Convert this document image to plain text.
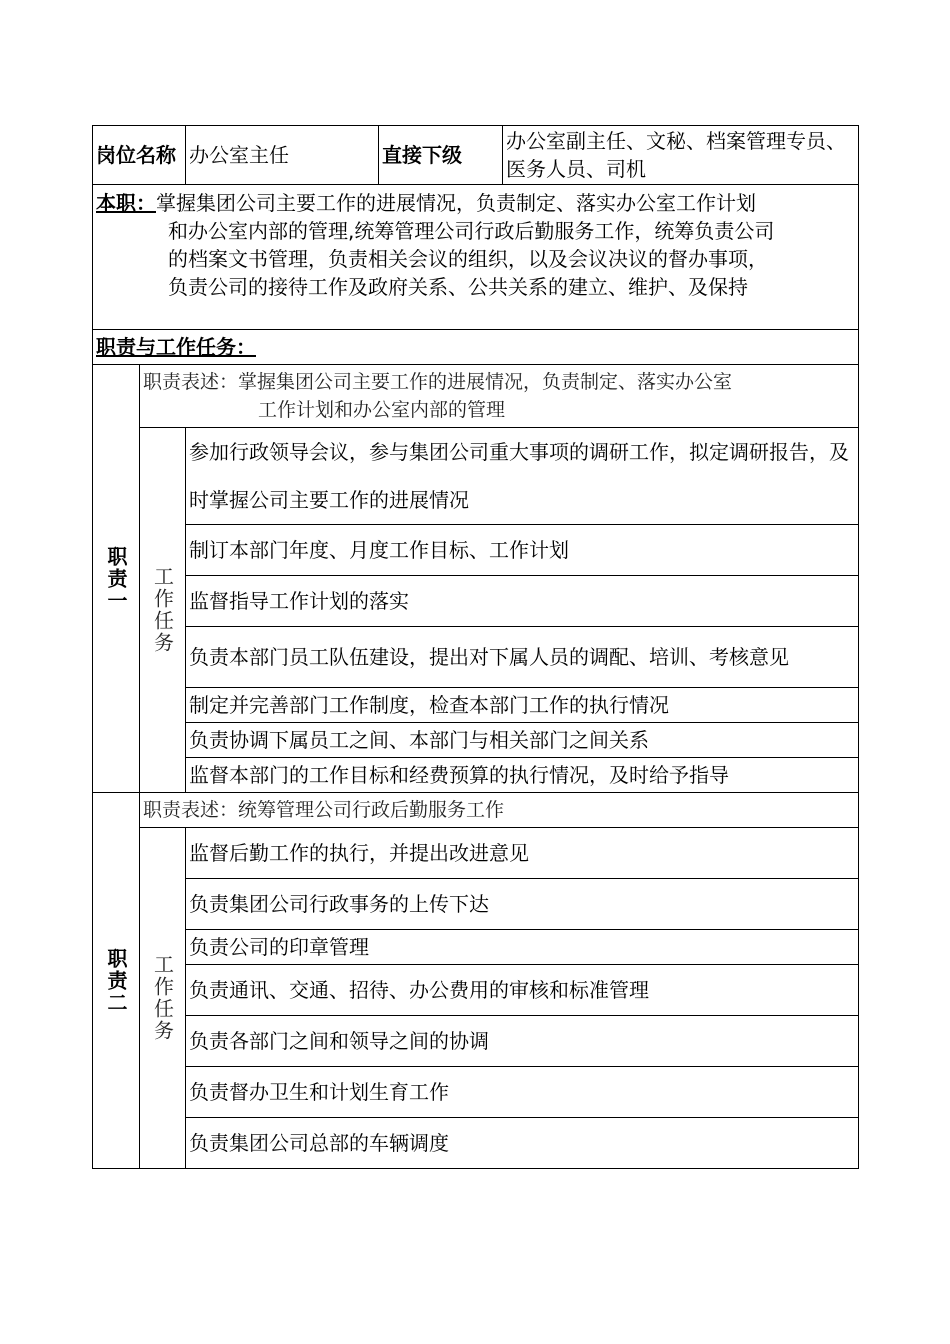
岗位名称		办公室主任	直接下级	办公室副主任、文秘、档案管理专员、医务人员、司机
本职：掌握集团公司主要工作的进展情况，负责制定、落实办公室工作计划
和办公室内部的管理,统筹管理公司行政后勤服务工作，统筹负责公司
的档案文书管理，负责相关会议的组织，以及会议决议的督办事项，
负责公司的接待工作及政府关系、公共关系的建立、维护、及保持				

职责与工作任务：				
职责一	职责表述：掌握集团公司主要工作的进展情况，负责制定、落实办公室
工作计划和办公室内部的管理			

	工作任务	参加行政领导会议，参与集团公司重大事项的调研工作，拟定调研报告，及时掌握公司主要工作的进展情况		
		制订本部门年度、月度工作目标、工作计划		
		监督指导工作计划的落实		
		负责本部门员工队伍建设，提出对下属人员的调配、培训、考核意见		
		制定并完善部门工作制度，检查本部门工作的执行情况		
		负责协调下属员工之间、本部门与相关部门之间关系		
		监督本部门的工作目标和经费预算的执行情况，及时给予指导		
职责二	职责表述：统筹管理公司行政后勤服务工作			
	工作任务	监督后勤工作的执行，并提出改进意见		
		负责集团公司行政事务的上传下达		
		负责公司的印章管理		
		负责通讯、交通、招待、办公费用的审核和标准管理		
		负责各部门之间和领导之间的协调		
		负责督办卫生和计划生育工作		
		负责集团公司总部的车辆调度		
